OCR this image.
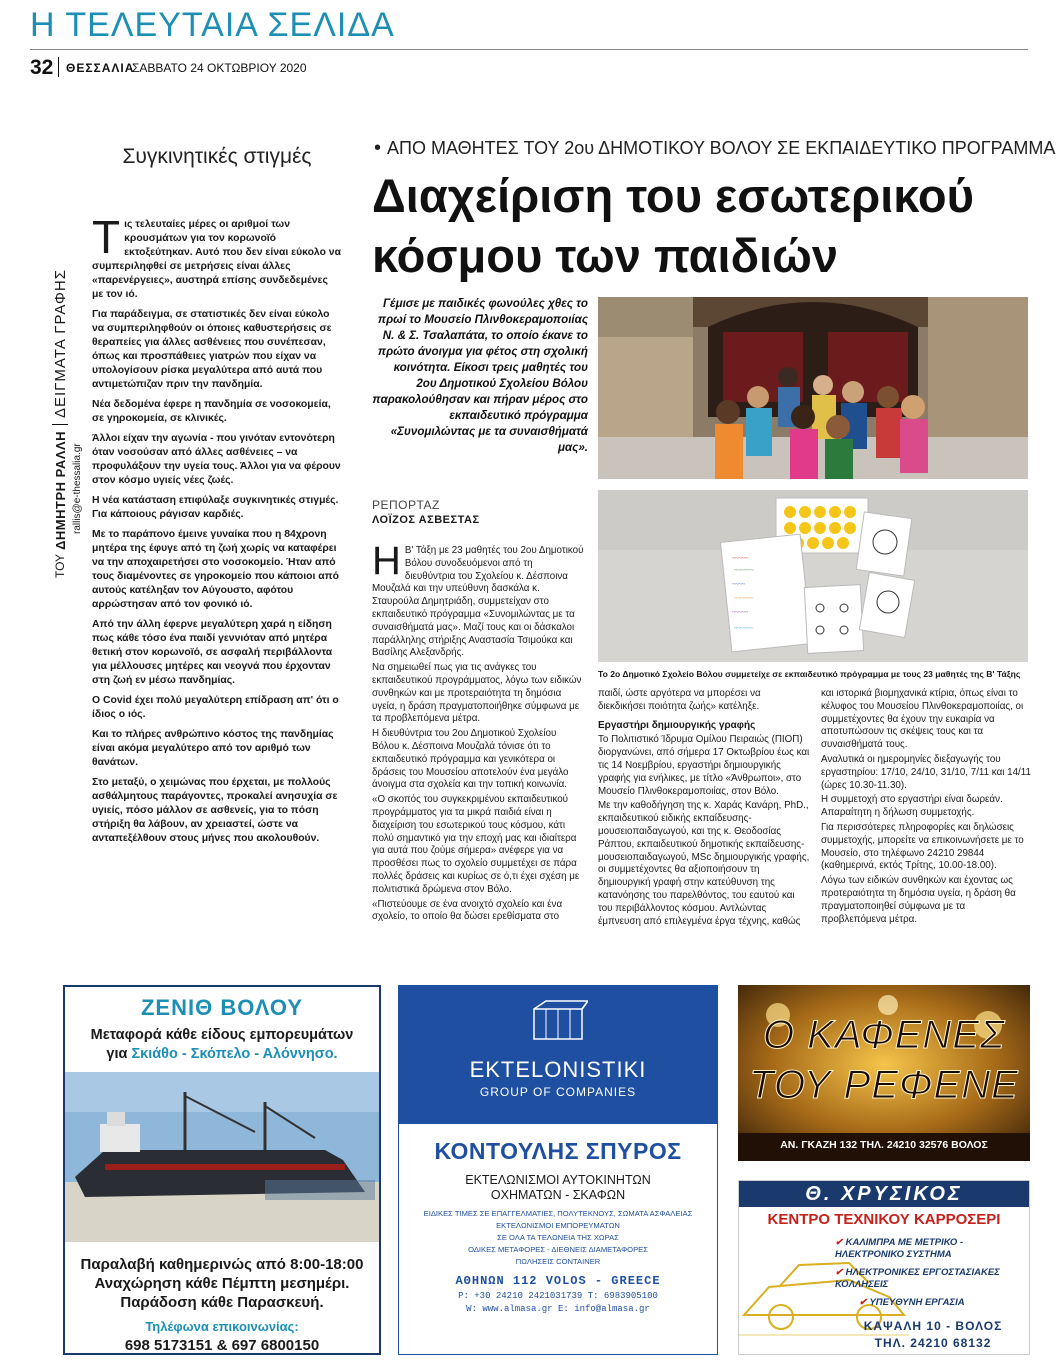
Η ΤΕΛΕΥΤΑΙΑ ΣΕΛΙΔΑ
32 ΘΕΣΣΑΛΙΑ
ΣΑΒΒΑΤΟ 24 ΟΚΤΩΒΡΙΟΥ 2020
ΤΟΥ
ΔΗΜΗΤΡΗ ΡΑΛΛΗ
ΔΕΙΓΜΑΤΑ ΓΡΑΦΗΣ
rallis@e-thessalia.gr
Συγκινητικές στιγμές

Τις τελευταίες μέρες οι αριθμοί των κρουσμάτων για τον κορωνοϊό εκτοξεύτηκαν. Αυτό που δεν είναι εύκολο να συμπεριληφθεί σε μετρήσεις είναι άλλες «παρενέργειες», αυστηρά επίσης συνδεδεμένες με τον ιό.

Για παράδειγμα, σε στατιστικές δεν είναι εύκολο να συμπεριληφθούν οι όποιες καθυστερήσεις σε θεραπείες για άλλες ασθένειες που συνέπεσαν, όπως και προσπάθειες γιατρών που είχαν να υπολογίσουν ρίσκα μεγαλύτερα από αυτά που αντιμετώπιζαν πριν την πανδημία.

Νέα δεδομένα έφερε η πανδημία σε νοσοκομεία, σε γηροκομεία, σε κλινικές.

Άλλοι είχαν την αγωνία - που γινόταν εντονότερη όταν νοσούσαν από άλλες ασθένειες – να προφυλάξουν την υγεία τους. Άλλοι για να φέρουν στον κόσμο υγιείς νέες ζωές.

Η νέα κατάσταση επιφύλαξε συγκινητικές στιγμές. Για κάποιους ράγισαν καρδιές.

Με το παράπονο έμεινε γυναίκα που η 84χρονη μητέρα της έφυγε από τη ζωή χωρίς να καταφέρει να την αποχαιρετήσει στο νοσοκομείο. Ήταν από τους διαμένοντες σε γηροκομείο που κάποιοι από αυτούς κατέληξαν τον Αύγουστο, αφότου αρρώστησαν από τον φονικό ιό.

Από την άλλη έφερνε μεγαλύτερη χαρά η είδηση πως κάθε τόσο ένα παιδί γεννιόταν από μητέρα θετική στον κορωνοϊό, σε ασφαλή περιβάλλοντα για μέλλουσες μητέρες και νεογνά που έρχονταν στη ζωή εν μέσω πανδημίας.

Ο Covid έχει πολύ μεγαλύτερη επίδραση απ' ότι ο ίδιος ο ιός.

Και το πλήρες ανθρώπινο κόστος της πανδημίας είναι ακόμα μεγαλύτερο από τον αριθμό των θανάτων.

Στο μεταξύ, ο χειμώνας που έρχεται, με πολλούς ασθάλμητους παράγοντες, προκαλεί ανησυχία σε υγιείς, πόσο μάλλον σε ασθενείς, για το πόση στήριξη θα λάβουν, αν χρειαστεί, ώστε να ανταπεξέλθουν στους μήνες που ακολουθούν.

• ΑΠΟ ΜΑΘΗΤΕΣ ΤΟΥ 2ου ΔΗΜΟΤΙΚΟΥ ΒΟΛΟΥ ΣΕ ΕΚΠΑΙΔΕΥΤΙΚΟ ΠΡΟΓΡΑΜΜΑ
Διαχείριση του εσωτερικού κόσμου των παιδιών
Γέμισε με παιδικές φωνούλες χθες το πρωί το Μουσείο Πλινθοκεραμοποιίας Ν. & Σ. Τσαλαπάτα, το οποίο έκανε το πρώτο άνοιγμα για φέτος στη σχολική κοινότητα. Είκοσι τρεις μαθητές του 2ου Δημοτικού Σχολείου Βόλου παρακολούθησαν και πήραν μέρος στο εκπαιδευτικό πρόγραμμα «Συνομιλώντας με τα συναισθήματά μας».
ΡΕΠΟΡΤΑΖ
ΛΟΪΖΟΣ ΑΣΒΕΣΤΑΣ
~~~~~
~~~~~~
~~~~
~~~~~~
~~~~~
~~~~~~
Το 2ο Δημοτικό Σχολείο Βόλου συμμετείχε σε εκπαιδευτικό πρόγραμμα με τους 23 μαθητές της Β' Τάξης

Η Β' Τάξη με 23 μαθητές του 2ου Δημοτικού Βόλου συνοδευόμενοι από τη διευθύντρια του Σχολείου κ. Δέσποινα Μουζαλά και την υπεύθυνη δασκάλα κ. Σταυρούλα Δημητριάδη, συμμετείχαν στο εκπαιδευτικό πρόγραμμα «Συνομιλώντας με τα συναισθήματά μας». Μαζί τους και οι δάσκαλοι παράλληλης στήριξης Αναστασία Τσιμούκα και Βασίλης Αλεξανδρής.

Να σημειωθεί πως για τις ανάγκες του εκπαιδευτικού προγράμματος, λόγω των ειδικών συνθηκών και με προτεραιότητα τη δημόσια υγεία, η δράση πραγματοποιήθηκε σύμφωνα με τα προβλεπόμενα μέτρα.

Η διευθύντρια του 2ου Δημοτικού Σχολείου Βόλου κ. Δέσποινα Μουζαλά τόνισε ότι το εκπαιδευτικό πρόγραμμα και γενικότερα οι δράσεις του Μουσείου αποτελούν ένα μεγάλο άνοιγμα στα σχολεία και την τοπική κοινωνία.

«Ο σκοπός του συγκεκριμένου εκπαιδευτικού προγράμματος για τα μικρά παιδιά είναι η διαχείριση του εσωτερικού τους κόσμου, κάτι πολύ σημαντικό για την εποχή μας και ιδιαίτερα για αυτά που ζούμε σήμερα» ανέφερε για να προσθέσει πως το σχολείο συμμετέχει σε πάρα πολλές δράσεις και κυρίως σε ό,τι έχει σχέση με πολιτιστικά δρώμενα στον Βόλο.

«Πιστεύουμε σε ένα ανοιχτό σχολείο και ένα σχολείο, το οποίο θα δώσει ερεθίσματα στο

παιδί, ώστε αργότερα να μπορέσει να διεκδικήσει ποιότητα ζωής» κατέληξε.

Εργαστήρι δημιουργικής γραφής

Το Πολιτιστικό Ίδρυμα Ομίλου Πειραιώς (ΠΙΟΠ) διοργανώνει, από σήμερα 17 Οκτωβρίου έως και τις 14 Νοεμβρίου, εργαστήρι δημιουργικής γραφής για ενήλικες, με τίτλο «Άνθρωποι», στο Μουσείο Πλινθοκεραμοποιίας, στον Βόλο.

Με την καθοδήγηση της κ. Χαράς Κανάρη, PhD., εκπαιδευτικού ειδικής εκπαίδευσης-μουσειοπαιδαγωγού, και της κ. Θεοδοσίας Ράπτου, εκπαιδευτικού δημοτικής εκπαίδευσης-μουσειοπαιδαγωγού, MSc δημιουργικής γραφής, οι συμμετέχοντες θα αξιοποιήσουν τη δημιουργική γραφή στην κατεύθυνση της κατανόησης του παρελθόντος, του εαυτού και του περιβάλλοντος κόσμου. Αντλώντας έμπνευση από επιλεγμένα έργα τέχνης, καθώς

και ιστορικά βιομηχανικά κτίρια, όπως είναι το κέλυφος του Μουσείου Πλινθοκεραμοποιίας, οι συμμετέχοντες θα έχουν την ευκαιρία να αποτυπώσουν τις σκέψεις τους και τα συναισθήματά τους.

Αναλυτικά οι ημερομηνίες διεξαγωγής του εργαστηρίου: 17/10, 24/10, 31/10, 7/11 και 14/11 (ώρες 10.30-11.30).

Η συμμετοχή στο εργαστήρι είναι δωρεάν. Απαραίτητη η δήλωση συμμετοχής.

Για περισσότερες πληροφορίες και δηλώσεις συμμετοχής, μπορείτε να επικοινωνήσετε με το Μουσείο, στο τηλέφωνο 24210 29844 (καθημερινά, εκτός Τρίτης, 10.00-18.00).

Λόγω των ειδικών συνθηκών και έχοντας ως προτεραιότητα τη δημόσια υγεία, η δράση θα πραγματοποιηθεί σύμφωνα με τα προβλεπόμενα μέτρα.

ΖΕΝΙΘ ΒΟΛΟΥ
Μεταφορά κάθε είδους εμπορευμάτων
για Σκιάθο - Σκόπελο - Αλόννησο.
Παραλαβή καθημερινώς από 8:00-18:00
Αναχώρηση κάθε Πέμπτη μεσημέρι.
Παράδοση κάθε Παρασκευή.
Τηλέφωνα επικοινωνίας:
698 5173151 & 697 6800150
EKTELONISTIKI
GROUP OF COMPANIES
ΚΟΝΤΟΥΛΗΣ ΣΠΥΡΟΣ
ΕΚΤΕΛΩΝΙΣΜΟΙ ΑΥΤΟΚΙΝΗΤΩΝ
ΟΧΗΜΑΤΩΝ - ΣΚΑΦΩΝ
ΕΙΔΙΚΕΣ ΤΙΜΕΣ ΣΕ ΕΠΑΓΓΕΛΜΑΤΙΕΣ, ΠΟΛΥΤΕΚΝΟΥΣ, ΣΩΜΑΤΑ ΑΣΦΑΛΕΙΑΣ
ΕΚΤΕΛΩΝΙΣΜΟΙ ΕΜΠΟΡΕΥΜΑΤΩΝ
ΣΕ ΟΛΑ ΤΑ ΤΕΛΩΝΕΙΑ ΤΗΣ ΧΩΡΑΣ
ΟΔΙΚΕΣ ΜΕΤΑΦΟΡΕΣ - ΔΙΕΘΝΕΙΣ ΔΙΑΜΕΤΑΦΟΡΕΣ
ΠΩΛΗΣΕΙΣ CONTAINER
ΑΘΗΝΩΝ 112 VOLOS - GREECE
P: +30 24210 2421031739 T: 6983905100
W: www.almasa.gr E: info@almasa.gr
Ο ΚΑΦΕΝΕΣ
ΤΟΥ ΡΕΦΕΝΕ
ΑΝ. ΓΚΑΖΗ 132 ΤΗΛ. 24210 32576 ΒΟΛΟΣ
Θ. ΧΡΥΣΙΚΟΣ
ΚΕΝΤΡΟ ΤΕΧΝΙΚΟΥ ΚΑΡΡΟΣΕΡΙ
✔ ΚΑΛΙΜΠΡΑ ΜΕ ΜΕΤΡΙΚΟ - ΗΛΕΚΤΡΟΝΙΚΟ ΣΥΣΤΗΜΑ
✔ ΗΛΕΚΤΡΟΝΙΚΕΣ ΕΡΓΟΣΤΑΣΙΑΚΕΣ ΚΟΛΛΗΣΕΙΣ
✔ ΥΠΕΥΘΥΝΗ ΕΡΓΑΣΙΑ
ΚΑΨΑΛΗ 10 - ΒΟΛΟΣ
ΤΗΛ. 24210 68132
